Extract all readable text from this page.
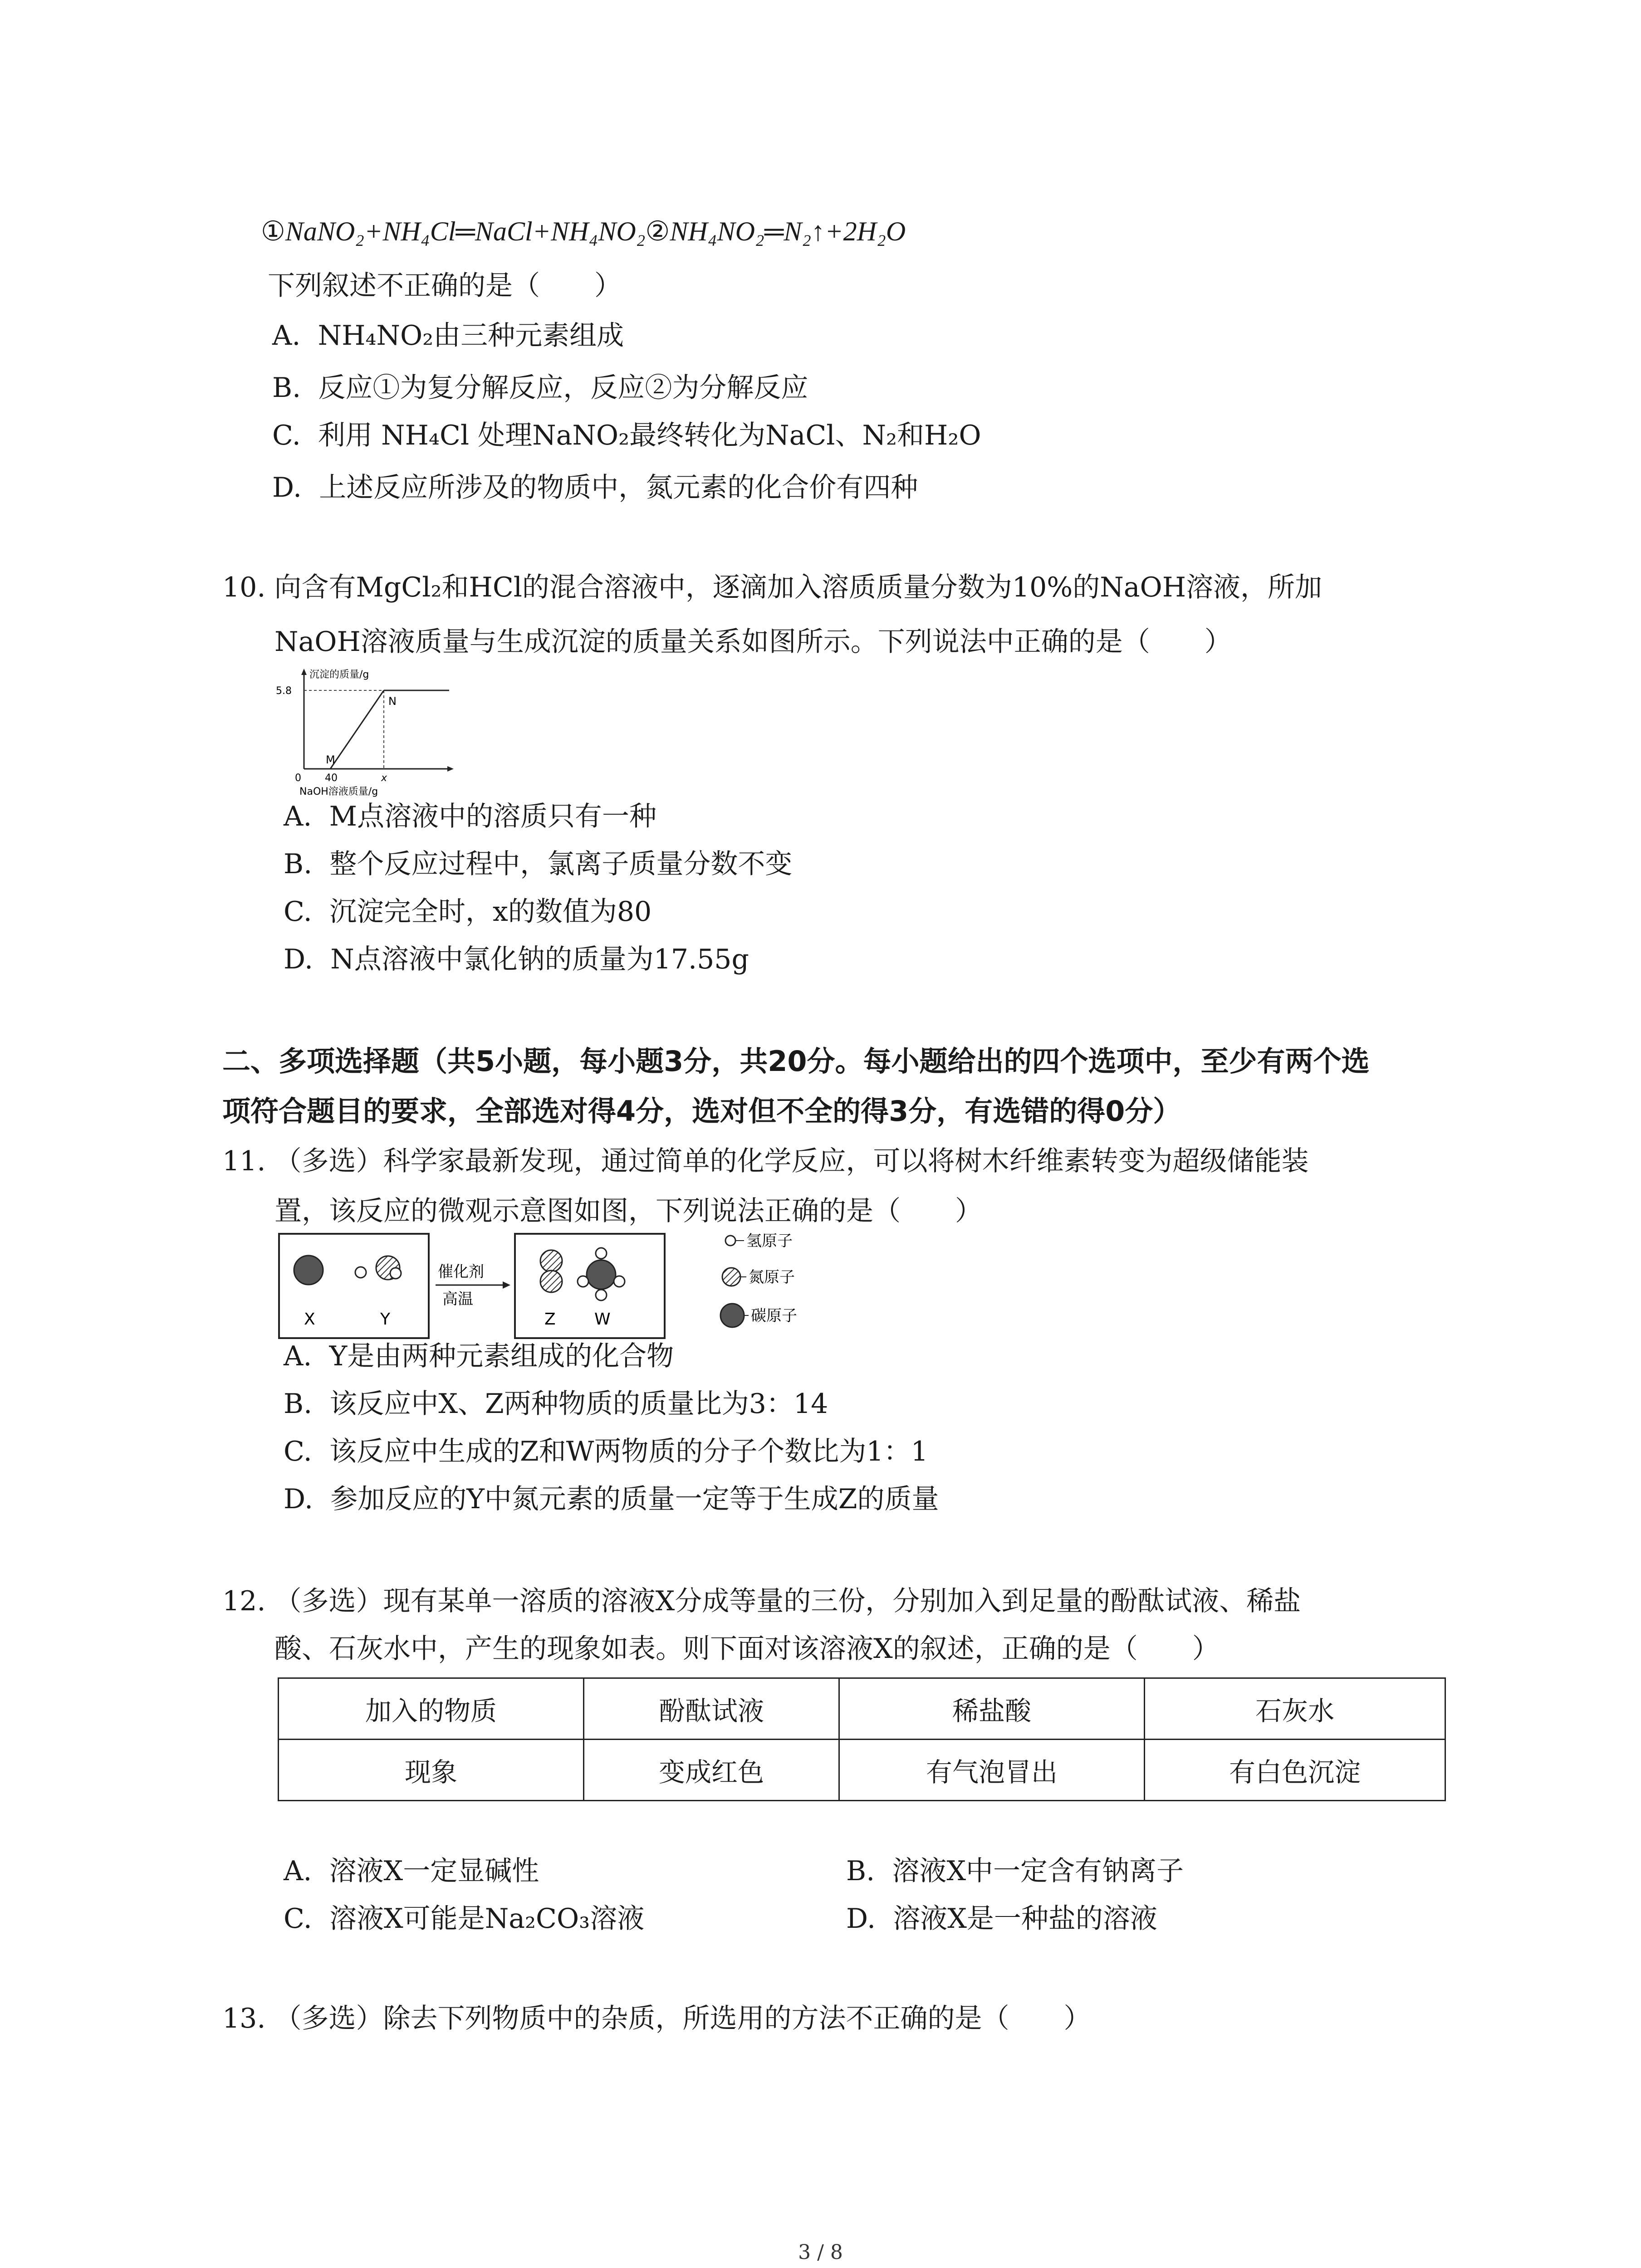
①NaNO₂+NH₄Cl═NaCl+NH₄NO₂②NH₄NO₂═N₂↑+2H₂O
下列叙述不正确的是（　　）
A. NH₄NO₂由三种元素组成
B. 反应①为复分解反应，反应②为分解反应
C. 利用 NH₄Cl 处理NaNO₂最终转化为NaCl、N₂和H₂O
D. 上述反应所涉及的物质中，氮元素的化合价有四种
10. 向含有MgCl₂和HCl的混合溶液中，逐滴加入溶质质量分数为10%的NaOH溶液，所加
NaOH溶液质量与生成沉淀的质量关系如图所示。下列说法中正确的是（　　）
沉淀的质量/g
5.8
0 40	x
M
N
NaOH溶液质量/g
A. M点溶液中的溶质只有一种
B. 整个反应过程中，氯离子质量分数不变
C. 沉淀完全时，x的数值为80
D. N点溶液中氯化钠的质量为17.55g
二、多项选择题（共5小题，每小题3分，共20分。每小题给出的四个选项中，至少有两个选
项符合题目的要求，全部选对得4分，选对但不全的得3分，有选错的得0分）
11. （多选）科学家最新发现，通过简单的化学反应，可以将树木纤维素转变为超级储能装
置，该反应的微观示意图如图，下列说法正确的是（　　）
X	Y
催化剂
高温
Z W
氢原子
氮原子
碳原子
A. Y是由两种元素组成的化合物
B. 该反应中X、Z两种物质的质量比为3：14
C. 该反应中生成的Z和W两物质的分子个数比为1：1
D. 参加反应的Y中氮元素的质量一定等于生成Z的质量
12. （多选）现有某单一溶质的溶液X分成等量的三份，分别加入到足量的酚酞试液、稀盐
酸、石灰水中，产生的现象如表。则下面对该溶液X的叙述，正确的是（　　）
加入的物质	酚酞试液	稀盐酸	石灰水
现象	变成红色	有气泡冒出	有白色沉淀
A. 溶液X一定显碱性	B. 溶液X中一定含有钠离子
C. 溶液X可能是Na₂CO₃溶液	D. 溶液X是一种盐的溶液
13. （多选）除去下列物质中的杂质，所选用的方法不正确的是（　　）
3 / 8
